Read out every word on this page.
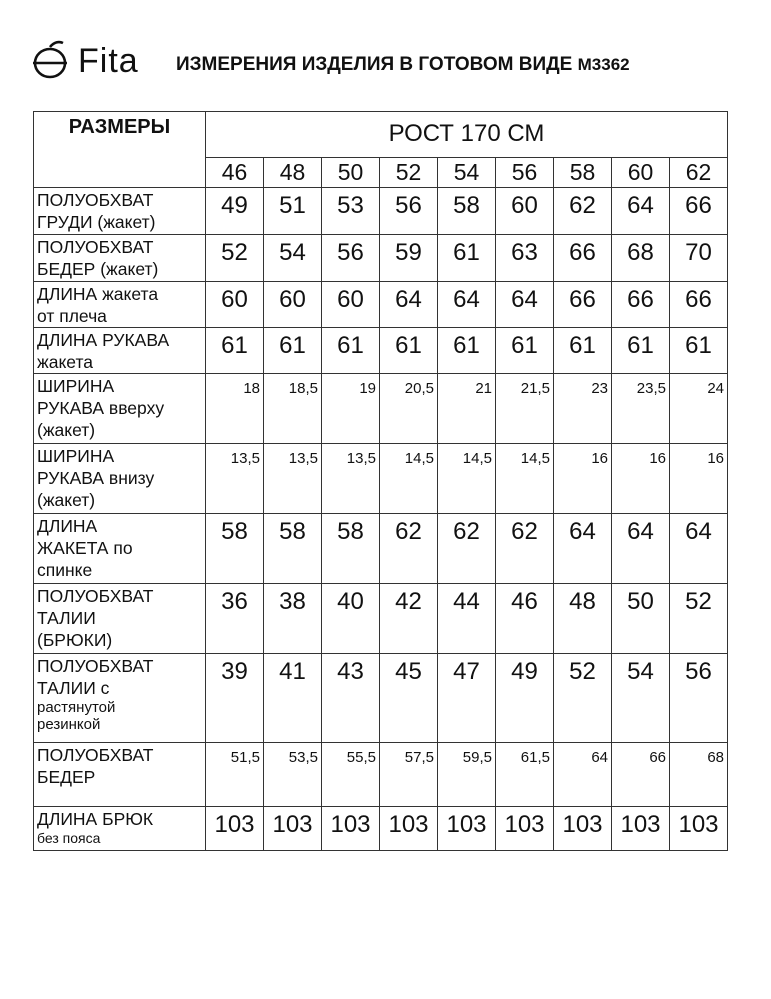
Fita ИЗМЕРЕНИЯ ИЗДЕЛИЯ В ГОТОВОМ ВИДЕ М3362
РАЗМЕРЫ	РОСТ 170 СМ								
	46	48	50	52	54	56	58	60	62

ПОЛУОБХВАТ
ГРУДИ (жакет)	49	51	53	56	58	60	62	64	66

ПОЛУОБХВАТ
БЕДЕР (жакет)	52	54	56	59	61	63	66	68	70

ДЛИНА жакета
от плеча	60	60	60	64	64	64	66	66	66

ДЛИНА РУКАВА
жакета	61	61	61	61	61	61	61	61	61

ШИРИНА
РУКАВА вверху
(жакет)	18	18,5	19	20,5	21	21,5	23	23,5	24

ШИРИНА
РУКАВА внизу
(жакет)	13,5	13,5	13,5	14,5	14,5	14,5	16	16	16

ДЛИНА
ЖАКЕТА по
спинке	58	58	58	62	62	62	64	64	64

ПОЛУОБХВАТ
ТАЛИИ
(БРЮКИ)	36	38	40	42	44	46	48	50	52

ПОЛУОБХВАТ
ТАЛИИ с
растянутой
резинкой	39	41	43	45	47	49	52	54	56

ПОЛУОБХВАТ
БЕДЕР	51,5	53,5	55,5	57,5	59,5	61,5	64	66	68

ДЛИНА БРЮК
без пояса	103	103	103	103	103	103	103	103	103
